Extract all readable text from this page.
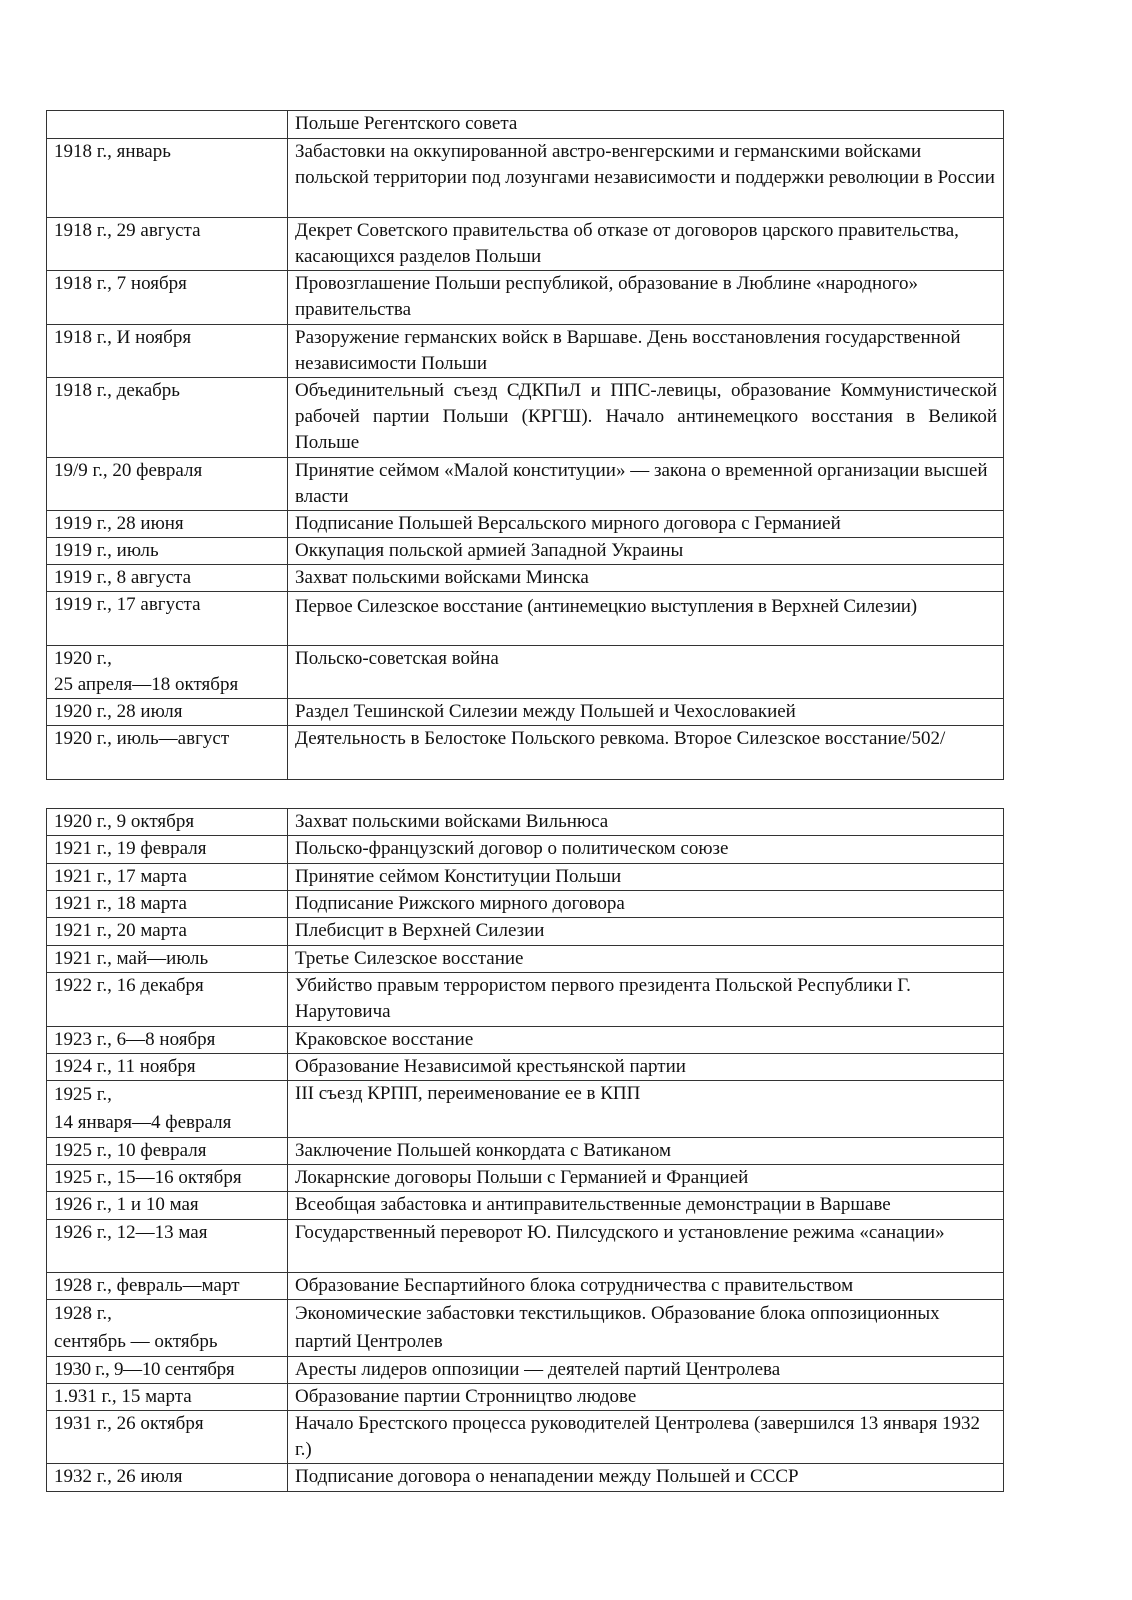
	Польше Регентского совета
1918 г., январь	Забастовки на оккупированной австро-венгерскими и германскими войсками польской территории под лозунгами независимости и поддержки революции в России
1918 г., 29 августа	Декрет Советского правительства об отказе от договоров царского правительства, касающихся разделов Польши
1918 г., 7 ноября	Провозглашение Польши республикой, образование в Люблине «народного» правительства
1918 г., И ноября	Разоружение германских войск в Варшаве. День восстановления государственной независимости Польши
1918 г., декабрь	Объединительный съезд СДКПиЛ и ППС-левицы, образование Коммунистической рабочей партии Польши (КРГШ). Начало антинемецкого восстания в Великой Польше
19/9 г., 20 февраля	Принятие сеймом «Малой конституции» — закона о временной организации высшей власти
1919 г., 28 июня	Подписание Польшей Версальского мирного договора с Германией
1919 г., июль	Оккупация польской армией Западной Украины
1919 г., 8 августа	Захват польскими войсками Минска
1919 г., 17 августа	Первое Силезское восстание (антинемецкио выступления в Верхней Силезии)
1920 г.,
25 апреля—18 октября	Польско-советская война
1920 г., 28 июля	Раздел Тешинской Силезии между Польшей и Чехословакией
1920 г., июль—август	Деятельность в Белостоке Польского ревкома. Второе Силезское восстание/502/
1920 г., 9 октября	Захват польскими войсками Вильнюса
1921 г., 19 февраля	Польско-французский договор о политическом союзе
1921 г., 17 марта	Принятие сеймом Конституции Польши
1921 г., 18 марта	Подписание Рижского мирного договора
1921 г., 20 марта	Плебисцит в Верхней Силезии
1921 г., май—июль	Третье Силезское восстание
1922 г., 16 декабря	Убийство правым террористом первого президента Польской Республики Г. Нарутовича
1923 г., 6—8 ноября	Краковское восстание
1924 г., 11 ноября	Образование Независимой крестьянской партии
1925 г.,
14 января—4 февраля	III съезд КРПП, переименование ее в КПП
1925 г., 10 февраля	Заключение Польшей конкордата с Ватиканом
1925 г., 15—16 октября	Локарнские договоры Польши с Германией и Францией
1926 г., 1 и 10 мая	Всеобщая забастовка и антиправительственные демонстрации в Варшаве
1926 г., 12—13 мая	Государственный переворот Ю. Пилсудского и установление режима «санации»
1928 г., февраль—март	Образование Беспартийного блока сотрудничества с правительством
1928 г.,
сентябрь — октябрь	Экономические забастовки текстильщиков. Образование блока оппозиционных партий Центролев
1930 г., 9—10 сентября	Аресты лидеров оппозиции — деятелей партий Центролева
1.931 г., 15 марта	Образование партии Стронництво людове
1931 г., 26 октября	Начало Брестского процесса руководителей Центролева (завершился 13 января 1932 г.)
1932 г., 26 июля	Подписание договора о ненападении между Польшей и СССР
